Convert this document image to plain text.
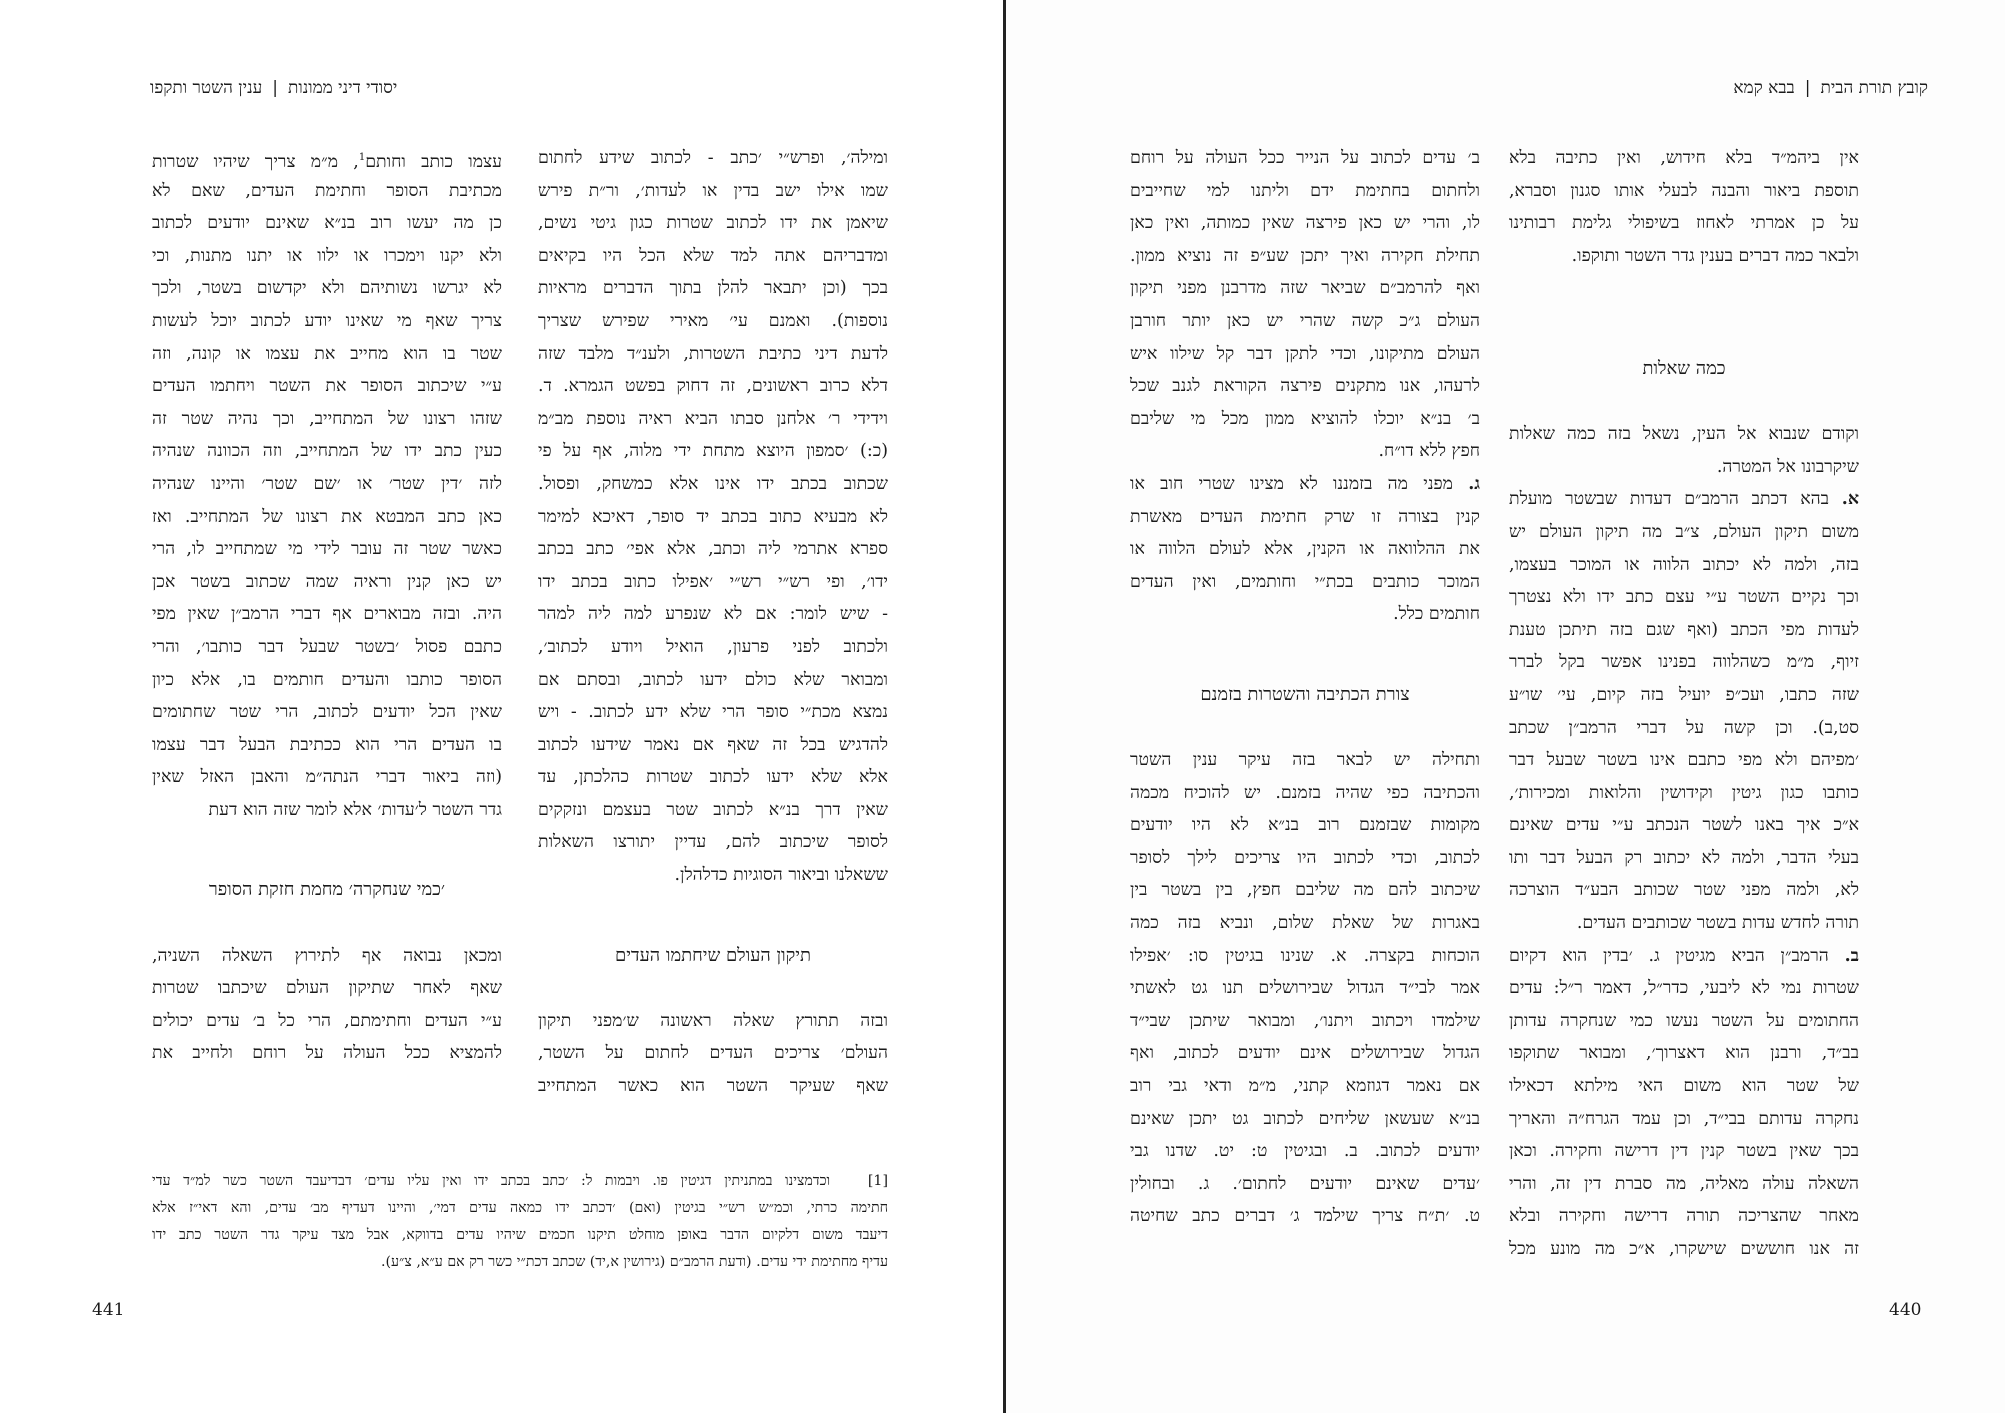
יסודי דיני ממונות|ענין השטר ותקפו
ומילה׳, ופרש״י ׳כתב - לכתוב שידע לחתום
שמו אילו ישב בדין או לעדות׳, ור״ת פירש
שיאמן את ידו לכתוב שטרות כגון גיטי נשים,
ומדבריהם אתה למד שלא הכל היו בקיאים
בכך (וכן יתבאר להלן בתוך הדברים מראיות
נוספות). ואמנם עי׳ מאירי שפירש שצריך
לדעת דיני כתיבת השטרות, ולענ״ד מלבד שזה
דלא כרוב ראשונים, זה דחוק בפשט הגמרא. ד.
וידידי ר׳ אלחנן סבתו הביא ראיה נוספת מב״מ
(כ:) ׳סמפון היוצא מתחת ידי מלוה, אף על פי
שכתוב בכתב ידו אינו אלא כמשחק, ופסול.
לא מבעיא כתוב בכתב יד סופר, דאיכא למימר
ספרא אתרמי ליה וכתב, אלא אפי׳ כתב בכתב
ידו׳, ופי רש״י רש״י ׳אפילו כתוב בכתב ידו
- שיש לומר: אם לא שנפרע למה ליה למהר
ולכתוב לפני פרעון, הואיל ויודע לכתוב׳,
ומבואר שלא כולם ידעו לכתוב, ובסתם אם
נמצא מכת״י סופר הרי שלא ידע לכתוב. - ויש
להדגיש בכל זה שאף אם נאמר שידעו לכתוב
אלא שלא ידעו לכתוב שטרות כהלכתן, עד
שאין דרך בנ״א לכתוב שטר בעצמם ונזקקים
לסופר שיכתוב להם, עדיין יתורצו השאלות
ששאלנו וביאור הסוגיות כדלהלן.
תיקון העולם שיחתמו העדים
ובזה תתורץ שאלה ראשונה ש׳מפני תיקון
העולם׳ צריכים העדים לחתום על השטר,
שאף שעיקר השטר הוא כאשר המתחייב
עצמו כותב וחותם$^1$, מ״מ צריך שיהיו שטרות
מכתיבת הסופר וחתימת העדים, שאם לא
כן מה יעשו רוב בנ״א שאינם יודעים לכתוב
ולא יקנו וימכרו או ילוו או יתנו מתנות, וכי
לא יגרשו נשותיהם ולא יקדשום בשטר, ולכך
צריך שאף מי שאינו יודע לכתוב יוכל לעשות
שטר בו הוא מחייב את עצמו או קונה, וזה
ע״י שיכתוב הסופר את השטר ויחתמו העדים
שזהו רצונו של המתחייב, וכך נהיה שטר זה
כעין כתב ידו של המתחייב, וזה הכוונה שנהיה
לזה ׳דין שטר׳ או ׳שם שטר׳ והיינו שנהיה
כאן כתב המבטא את רצונו של המתחייב. ואז
כאשר שטר זה עובר לידי מי שמתחייב לו, הרי
יש כאן קנין וראיה שמה שכתוב בשטר אכן
היה. ובזה מבוארים אף דברי הרמב״ן שאין מפי
כתבם פסול ׳בשטר שבעל דבר כותבו׳, והרי
הסופר כותבו והעדים חותמים בו, אלא כיון
שאין הכל יודעים לכתוב, הרי שטר שחתומים
בו העדים הרי הוא ככתיבת הבעל דבר עצמו
(וזה ביאור דברי הנתה״מ והאבן האזל שאין
גדר השטר ל׳עדות׳ אלא לומר שזה הוא דעת
׳כמי שנחקרה׳ מחמת חזקת הסופר
ומכאן נבואה אף לתירוץ השאלה השניה,
שאף לאחר שתיקון העולם שיכתבו שטרות
ע״י העדים וחתימתם, הרי כל ב׳ עדים יכולים
להמציא ככל העולה על רוחם ולחייב את
[1]   וכדמצינו במתניתין דגיטין פו. ויבמות ל: ׳כתב בכתב ידו ואין עליו עדים׳ דבדיעבד השטר כשר למ״ד עדי
חתימה כרתי, וכמ״ש רש״י בגיטין (ואם) ׳דכתב ידו כמאה עדים דמי׳, והיינו דעדיף מב׳ עדים, והא דאי״ז אלא
דיעבד משום דלקיום הדבר באופן מוחלט תיקנו חכמים שיהיו עדים בדווקא, אבל מצד עיקר גדר השטר כתב ידו
עדיף מחתימת ידי עדים. (ודעת הרמב״ם (גירושין א,יד) שכתב דכת״י כשר רק אם ע״א, צ״ע).
441
קובץ תורת הבית|בבא קמא
אין ביהמ״ד בלא חידוש, ואין כתיבה בלא
תוספת ביאור והבנה לבעלי אותו סגנון וסברא,
על כן אמרתי לאחוז בשיפולי גלימת רבותינו
ולבאר כמה דברים בענין גדר השטר ותוקפו.
כמה שאלות
וקודם שנבוא אל העין, נשאל בזה כמה שאלות
שיקרבונו אל המטרה.
א. בהא דכתב הרמב״ם דעדות שבשטר מועלת
משום תיקון העולם, צ״ב מה תיקון העולם יש
בזה, ולמה לא יכתוב הלווה או המוכר בעצמו,
וכך נקיים השטר ע״י עצם כתב ידו ולא נצטרך
לעדות מפי הכתב (ואף שגם בזה תיתכן טענת
זיוף, מ״מ כשהלווה בפנינו אפשר בקל לברר
שזה כתבו, ועכ״פ יועיל בזה קיום, עי׳ שו״ע
סט,ב). וכן קשה על דברי הרמב״ן שכתב
׳מפיהם ולא מפי כתבם אינו בשטר שבעל דבר
כותבו כגון גיטין וקידושין והלואות ומכירות׳,
א״כ איך באנו לשטר הנכתב ע״י עדים שאינם
בעלי הדבר, ולמה לא יכתוב רק הבעל דבר ותו
לא, ולמה מפני שטר שכותב הבע״ד הוצרכה
תורה לחדש עדות בשטר שכותבים העדים.
ב. הרמב״ן הביא מגיטין ג. ׳בדין הוא דקיום
שטרות נמי לא ליבעי, כדר״ל, דאמר ר״ל: עדים
החתומים על השטר נעשו כמי שנחקרה עדותן
בב״ד, ורבנן הוא דאצרוך׳, ומבואר שתוקפו
של שטר הוא משום האי מילתא דכאילו
נחקרה עדותם בבי״ד, וכן עמד הגרח״ה והאריך
בכך שאין בשטר קנין דין דרישה וחקירה. וכאן
השאלה עולה מאליה, מה סברת דין זה, והרי
מאחר שהצריכה תורה דרישה וחקירה ובלא
זה אנו חוששים שישקרו, א״כ מה מונע מכל
ב׳ עדים לכתוב על הנייר ככל העולה על רוחם
ולחתום בחתימת ידם וליתנו למי שחייבים
לו, והרי יש כאן פירצה שאין כמותה, ואין כאן
תחילת חקירה ואיך יתכן שע״פ זה נוציא ממון.
ואף להרמב״ם שביאר שזה מדרבנן מפני תיקון
העולם ג״כ קשה שהרי יש כאן יותר חורבן
העולם מתיקונו, וכדי לתקן דבר קל שילוו איש
לרעהו, אנו מתקנים פירצה הקוראת לגנב שכל
ב׳ בנ״א יוכלו להוציא ממון מכל מי שליבם
חפץ ללא דו״ח.
ג. מפני מה בזמננו לא מצינו שטרי חוב או
קנין בצורה זו שרק חתימת העדים מאשרת
את ההלוואה או הקנין, אלא לעולם הלווה או
המוכר כותבים בכת״י וחותמים, ואין העדים
חותמים כלל.
צורת הכתיבה והשטרות בזמנם
ותחילה יש לבאר בזה עיקר ענין השטר
והכתיבה כפי שהיה בזמנם. יש להוכיח מכמה
מקומות שבזמנם רוב בנ״א לא היו יודעים
לכתוב, וכדי לכתוב היו צריכים לילך לסופר
שיכתוב להם מה שליבם חפץ, בין בשטר בין
באגרות של שאלת שלום, ונביא בזה כמה
הוכחות בקצרה. א. שנינו בגיטין סו: ׳אפילו
אמר לבי״ד הגדול שבירושלים תנו גט לאשתי
שילמדו ויכתוב ויתנו׳, ומבואר שיתכן שבי״ד
הגדול שבירושלים אינם יודעים לכתוב, ואף
אם נאמר דגוזמא קתני, מ״מ ודאי גבי רוב
בנ״א שעשאן שליחים לכתוב גט יתכן שאינם
יודעים לכתוב. ב. ובגיטין ט: יט. שדנו גבי
׳עדים שאינם יודעים לחתום׳. ג. ובחולין
ט. ׳ת״ח צריך שילמד ג׳ דברים כתב שחיטה
440
